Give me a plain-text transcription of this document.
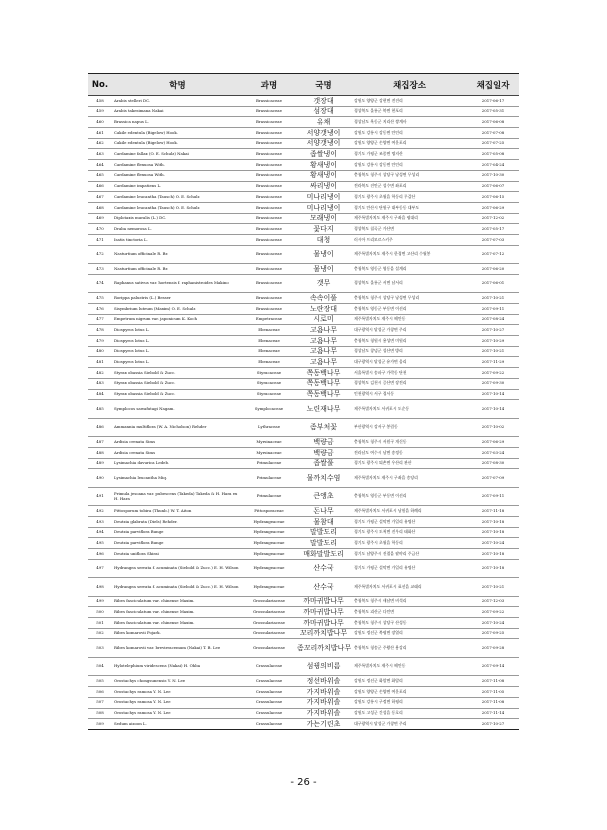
No.	학명	과명	국명	채집장소	채집일자
458	Arabis stelleri DC.	Brassicaceae	갯장대	강원도 양양군 강현면 전진리	2017-06-17
459	Arabis takesimana Nakai	Brassicaceae	섬장대	경상북도 울릉군 북면 현포리	2017-05-31
460	Brassica napus L.	Brassicaceae	유채	경상남도 욕동군 지리산 쌍계사	2017-06-08
461	Cakile edentula (Bigelow) Hook.	Brassicaceae	서양갯냉이	강원도 강릉시 강동면 안인리	2017-07-08
462	Cakile edentula (Bigelow) Hook.	Brassicaceae	서양갯냉이	강원도 양양군 손양면 여운포리	2017-07-25
463	Cardamine fallax (O. E. Schulz) Nakai	Brassicaceae	좁쌀냉이	경기도 가평군 조종면 명지산	2017-05-08
464	Cardamine flexuosa With.	Brassicaceae	황새냉이	강원도 강릉시 강동면 안인리	2017-04-24
465	Cardamine flexuosa With.	Brassicaceae	황새냉이	충청북도 청주시 상당구 낭성면 무성리	2017-10-30
466	Cardamine impatiens L.	Brassicaceae	싸리냉이	전라북도 진안군 성수면 좌포리	2017-06-07
467	Cardamine leucantha (Tausch) O. E. Schulz	Brassicaceae	미나리냉이	경기도 광주시 초월읍 학동리 무갑산	2017-06-15
468	Cardamine leucantha (Tausch) O. E. Schulz	Brassicaceae	미나리냉이	경기도 안산시 단원구 대부동동 대부도	2017-06-29
469	Diplotaxis muralis (L.) DC.	Brassicaceae	모래냉이	제주특별자치도 제주시 구좌읍 평대리	2017-12-02
470	Draba nemorosa L.	Brassicaceae	꽃다지	경상북도 칠곡군 가산면	2017-05-17
471	Isatis tinctoria L.	Brassicaceae	대청	러시아 프리모르스키주	2017-07-03
472	Nasturtium officinale R. Br.	Brassicaceae	물냉이	제주특별자치도 제주시 한경면 고산리 수월봉	2017-07-12
473	Nasturtium officinale R. Br.	Brassicaceae	물냉이	충청북도 영동군 영동읍 설계리	2017-06-20
474	Raphanus sativus var. hortensis f. raphanistroides Makino	Brassicaceae	갯무	경상북도 울릉군 서면 남서리	2017-06-01
475	Rorippa palustris (L.) Besser	Brassicaceae	속속이풀	충청북도 청주시 상당구 낭성면 무성리	2017-10-21
476	Sisymbrium luteum (Maxim) O. E. Schulz	Brassicaceae	노란장대	충청북도 영동군 부동면 이선리	2017-09-11
477	Empetrum nigrum var. japonicum K. Koch	Empetraceae	시로미	제주특별자치도 제주시 해안동	2017-08-24
478	Diospyros lotus L.	Ebenaceae	고욤나무	대구광역시 달성군 가창면 주리	2017-10-27
479	Diospyros lotus L.	Ebenaceae	고욤나무	충청북도 청원시 용성면 미원리	2017-10-29
480	Diospyros lotus L.	Ebenaceae	고욤나무	경상남도 창녕군 성산면 방리	2017-10-21
481	Diospyros lotus L.	Ebenaceae	고욤나무	대구광역시 달성군 유가면 음리	2017-11-29
482	Styrax obassia Siebold & Zucc.	Styracaceae	쪽동백나무	서울특별시 송파구 가락동 단천	2017-09-22
483	Styrax obassia Siebold & Zucc.	Styracaceae	쪽동백나무	경상북도 김천시 증산면 장전리	2017-09-30
484	Styrax obassia Siebold & Zucc.	Styracaceae	쪽동백나무	인천광역시 서구 경서동	2017-10-14
485	Symplocos sawafutagi Nagam.	Symplocaceae	노린재나무	제주특별자치도 서귀포시 도순동	2017-10-14
486	Ammannia multiflora (W. A. Nicholson) Rehder	Lythraceae	좀부처꽃	부산광역시 강서구 봉림동	2017-10-02
487	Ardisia crenata Sims	Myrsinaceae	백량금	충청북도 청주시 서원구 개신동	2017-06-29
488	Ardisia crenata Sims	Myrsinaceae	백량금	전라남도 여수시 남면 송정동	2017-03-24
489	Lysimachia davurica Ledeb.	Primulaceae	좁쌀풀	경기도 광주시 퇴촌면 우산리 관산	2017-08-30
490	Lysimachia leucantha Miq.	Primulaceae	물까치수염	제주특별자치도 제주시 구좌읍 송당리	2017-07-09
491	Primula jesoana var. pubescens (Takeda) Takeda & H. Hara ex H. Hara	Primulaceae	큰앵초	충청북도 영동군 부동면 이선리	2017-09-11
492	Pittosporum tobira (Thunb.) W. T. Aiton	Pittosporaceae	돈나무	제주특별자치도 서귀포시 남원읍 하례리	2017-11-18
493	Deutzia glabrata (Diels) Rehder.	Hydrangeaceae	물참대	경기도 가평군 설악면 가일리 유명산	2017-10-18
494	Deutzia parviflora Bunge	Hydrangeaceae	말발도리	경기도 광주시 도척면 진우리 태화산	2017-10-18
495	Deutzia parviflora Bunge	Hydrangeaceae	말발도리	경기도 광주시 초월읍 학동리	2017-10-24
496	Deutzia uniflora Shirai	Hydrangeaceae	매화말발도리	경기도 남양주시 진접읍 팔야리 주금산	2017-10-18
497	Hydrangea serrata f. acuminata (Siebold & Zucc.) E. H. Wilson	Hydrangeaceae	산수국	경기도 가평군 설악면 가일리 유명산	2017-10-18
498	Hydrangea serrata f. acuminata (Siebold & Zucc.) E. H. Wilson	Hydrangeaceae	산수국	제주특별자치도 서귀포시 표선읍 교래리	2017-10-21
499	Ribes fasciculatum var. chinense Maxim.	Grossulariaceae	까마귀밥나무	충청북도 청주시 새남면 비석리	2017-12-03
500	Ribes fasciculatum var. chinense Maxim.	Grossulariaceae	까마귀밥나무	충청북도 괴산군 다인면	2017-09-22
501	Ribes fasciculatum var. chinense Maxim.	Grossulariaceae	까마귀밥나무	충청북도 청주시 상당구 산성동	2017-10-24
502	Ribes komarovii Pojark.	Grossulariaceae	꼬리까치밥나무	강원도 정선군 북평면 장열리	2017-09-25
503	Ribes komarovii var. brevirracemum (Nakai) T. B. Lee	Grossulariaceae	좀꼬리까치밥나무	충청북도 청송군 주왕산 용강리	2017-09-28
504	Hylotelephium viridescens (Nakai) H. Ohba	Crassulaceae	섬꿩의비름	제주특별자치도 제주시 해안동	2017-09-14
505	Orostachys chongsunensis Y. N. Lee	Crassulaceae	정선바위솔	강원도 정선군 화암면 화암리	2017-11-08
506	Orostachys ramosa Y. N. Lee	Crassulaceae	가지바위솔	강원도 양양군 손양면 여운포리	2017-11-05
507	Orostachys ramosa Y. N. Lee	Crassulaceae	가지바위솔	강원도 강릉시 구정면 하평리	2017-11-08
508	Orostachys ramosa Y. N. Lee	Crassulaceae	가지바위솔	강원도 고성군 간성읍 동호리	2017-11-14
509	Sedum aizoon L.	Crassulaceae	가는기린초	대구광역시 달성군 가창면 주리	2017-10-27
- 26 -
